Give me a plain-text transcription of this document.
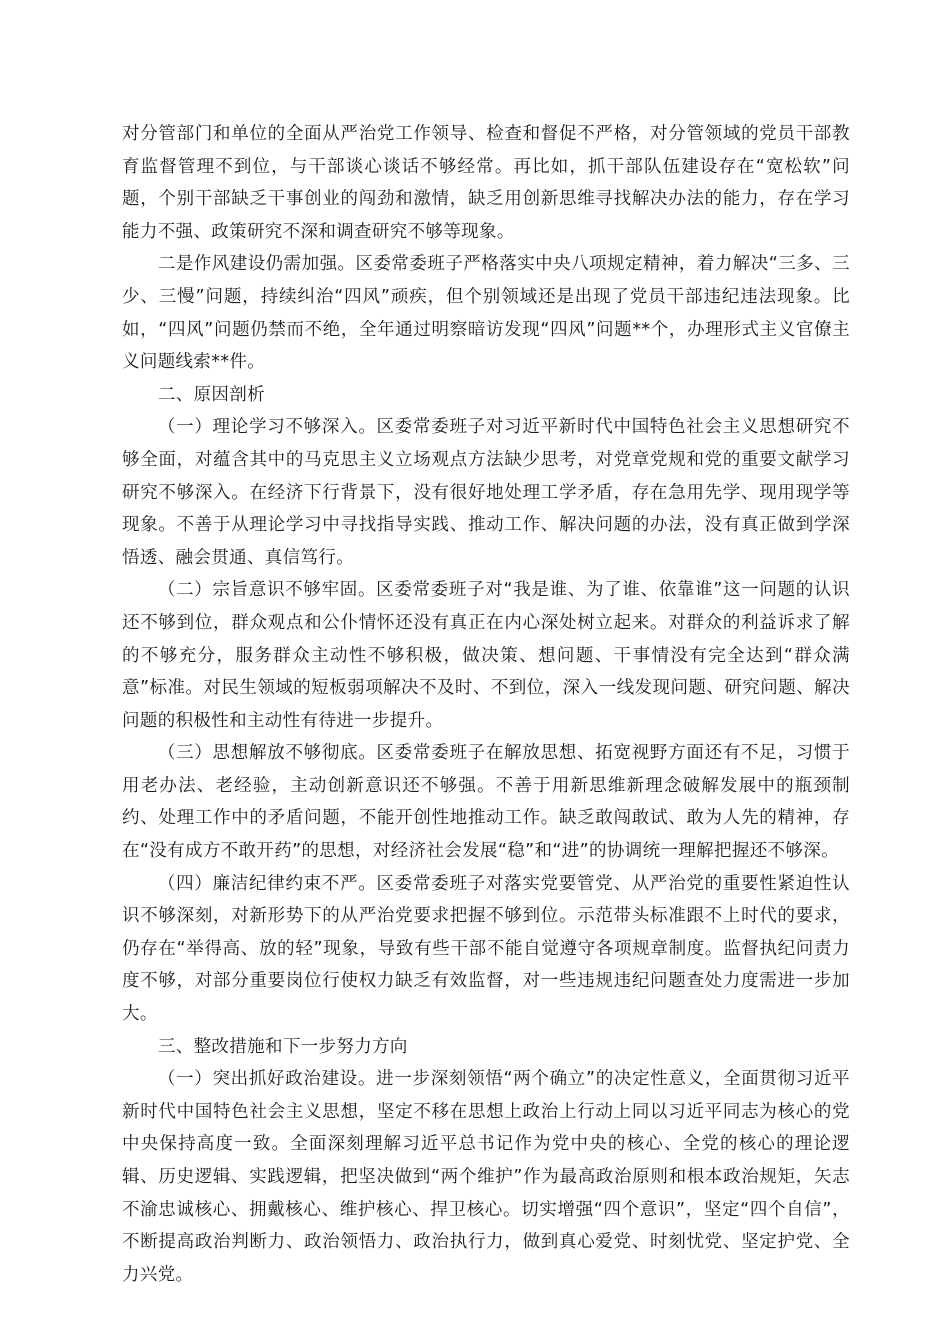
对分管部门和单位的全面从严治党工作领导、检查和督促不严格，对分管领域的党员干部教育监督管理不到位，与干部谈心谈话不够经常。再比如，抓干部队伍建设存在“宽松软”问题，个别干部缺乏干事创业的闯劲和激情，缺乏用创新思维寻找解决办法的能力，存在学习能力不强、政策研究不深和调查研究不够等现象。

二是作风建设仍需加强。区委常委班子严格落实中央八项规定精神，着力解决“三多、三少、三慢”问题，持续纠治“四风”顽疾，但个别领域还是出现了党员干部违纪违法现象。比如，“四风”问题仍禁而不绝，全年通过明察暗访发现“四风”问题**个，办理形式主义官僚主义问题线索**件。

二、原因剖析

（一）理论学习不够深入。区委常委班子对习近平新时代中国特色社会主义思想研究不够全面，对蕴含其中的马克思主义立场观点方法缺少思考，对党章党规和党的重要文献学习研究不够深入。在经济下行背景下，没有很好地处理工学矛盾，存在急用先学、现用现学等现象。不善于从理论学习中寻找指导实践、推动工作、解决问题的办法，没有真正做到学深悟透、融会贯通、真信笃行。

（二）宗旨意识不够牢固。区委常委班子对“我是谁、为了谁、依靠谁”这一问题的认识还不够到位，群众观点和公仆情怀还没有真正在内心深处树立起来。对群众的利益诉求了解的不够充分，服务群众主动性不够积极，做决策、想问题、干事情没有完全达到“群众满意”标准。对民生领域的短板弱项解决不及时、不到位，深入一线发现问题、研究问题、解决问题的积极性和主动性有待进一步提升。

（三）思想解放不够彻底。区委常委班子在解放思想、拓宽视野方面还有不足，习惯于用老办法、老经验，主动创新意识还不够强。不善于用新思维新理念破解发展中的瓶颈制约、处理工作中的矛盾问题，不能开创性地推动工作。缺乏敢闯敢试、敢为人先的精神，存在“没有成方不敢开药”的思想，对经济社会发展“稳”和“进”的协调统一理解把握还不够深。

（四）廉洁纪律约束不严。区委常委班子对落实党要管党、从严治党的重要性紧迫性认识不够深刻，对新形势下的从严治党要求把握不够到位。示范带头标准跟不上时代的要求，仍存在“举得高、放的轻”现象，导致有些干部不能自觉遵守各项规章制度。监督执纪问责力度不够，对部分重要岗位行使权力缺乏有效监督，对一些违规违纪问题查处力度需进一步加大。

三、整改措施和下一步努力方向

（一）突出抓好政治建设。进一步深刻领悟“两个确立”的决定性意义，全面贯彻习近平新时代中国特色社会主义思想，坚定不移在思想上政治上行动上同以习近平同志为核心的党中央保持高度一致。全面深刻理解习近平总书记作为党中央的核心、全党的核心的理论逻辑、历史逻辑、实践逻辑，把坚决做到“两个维护”作为最高政治原则和根本政治规矩，矢志不渝忠诚核心、拥戴核心、维护核心、捍卫核心。切实增强“四个意识”，坚定“四个自信”，不断提高政治判断力、政治领悟力、政治执行力，做到真心爱党、时刻忧党、坚定护党、全力兴党。
